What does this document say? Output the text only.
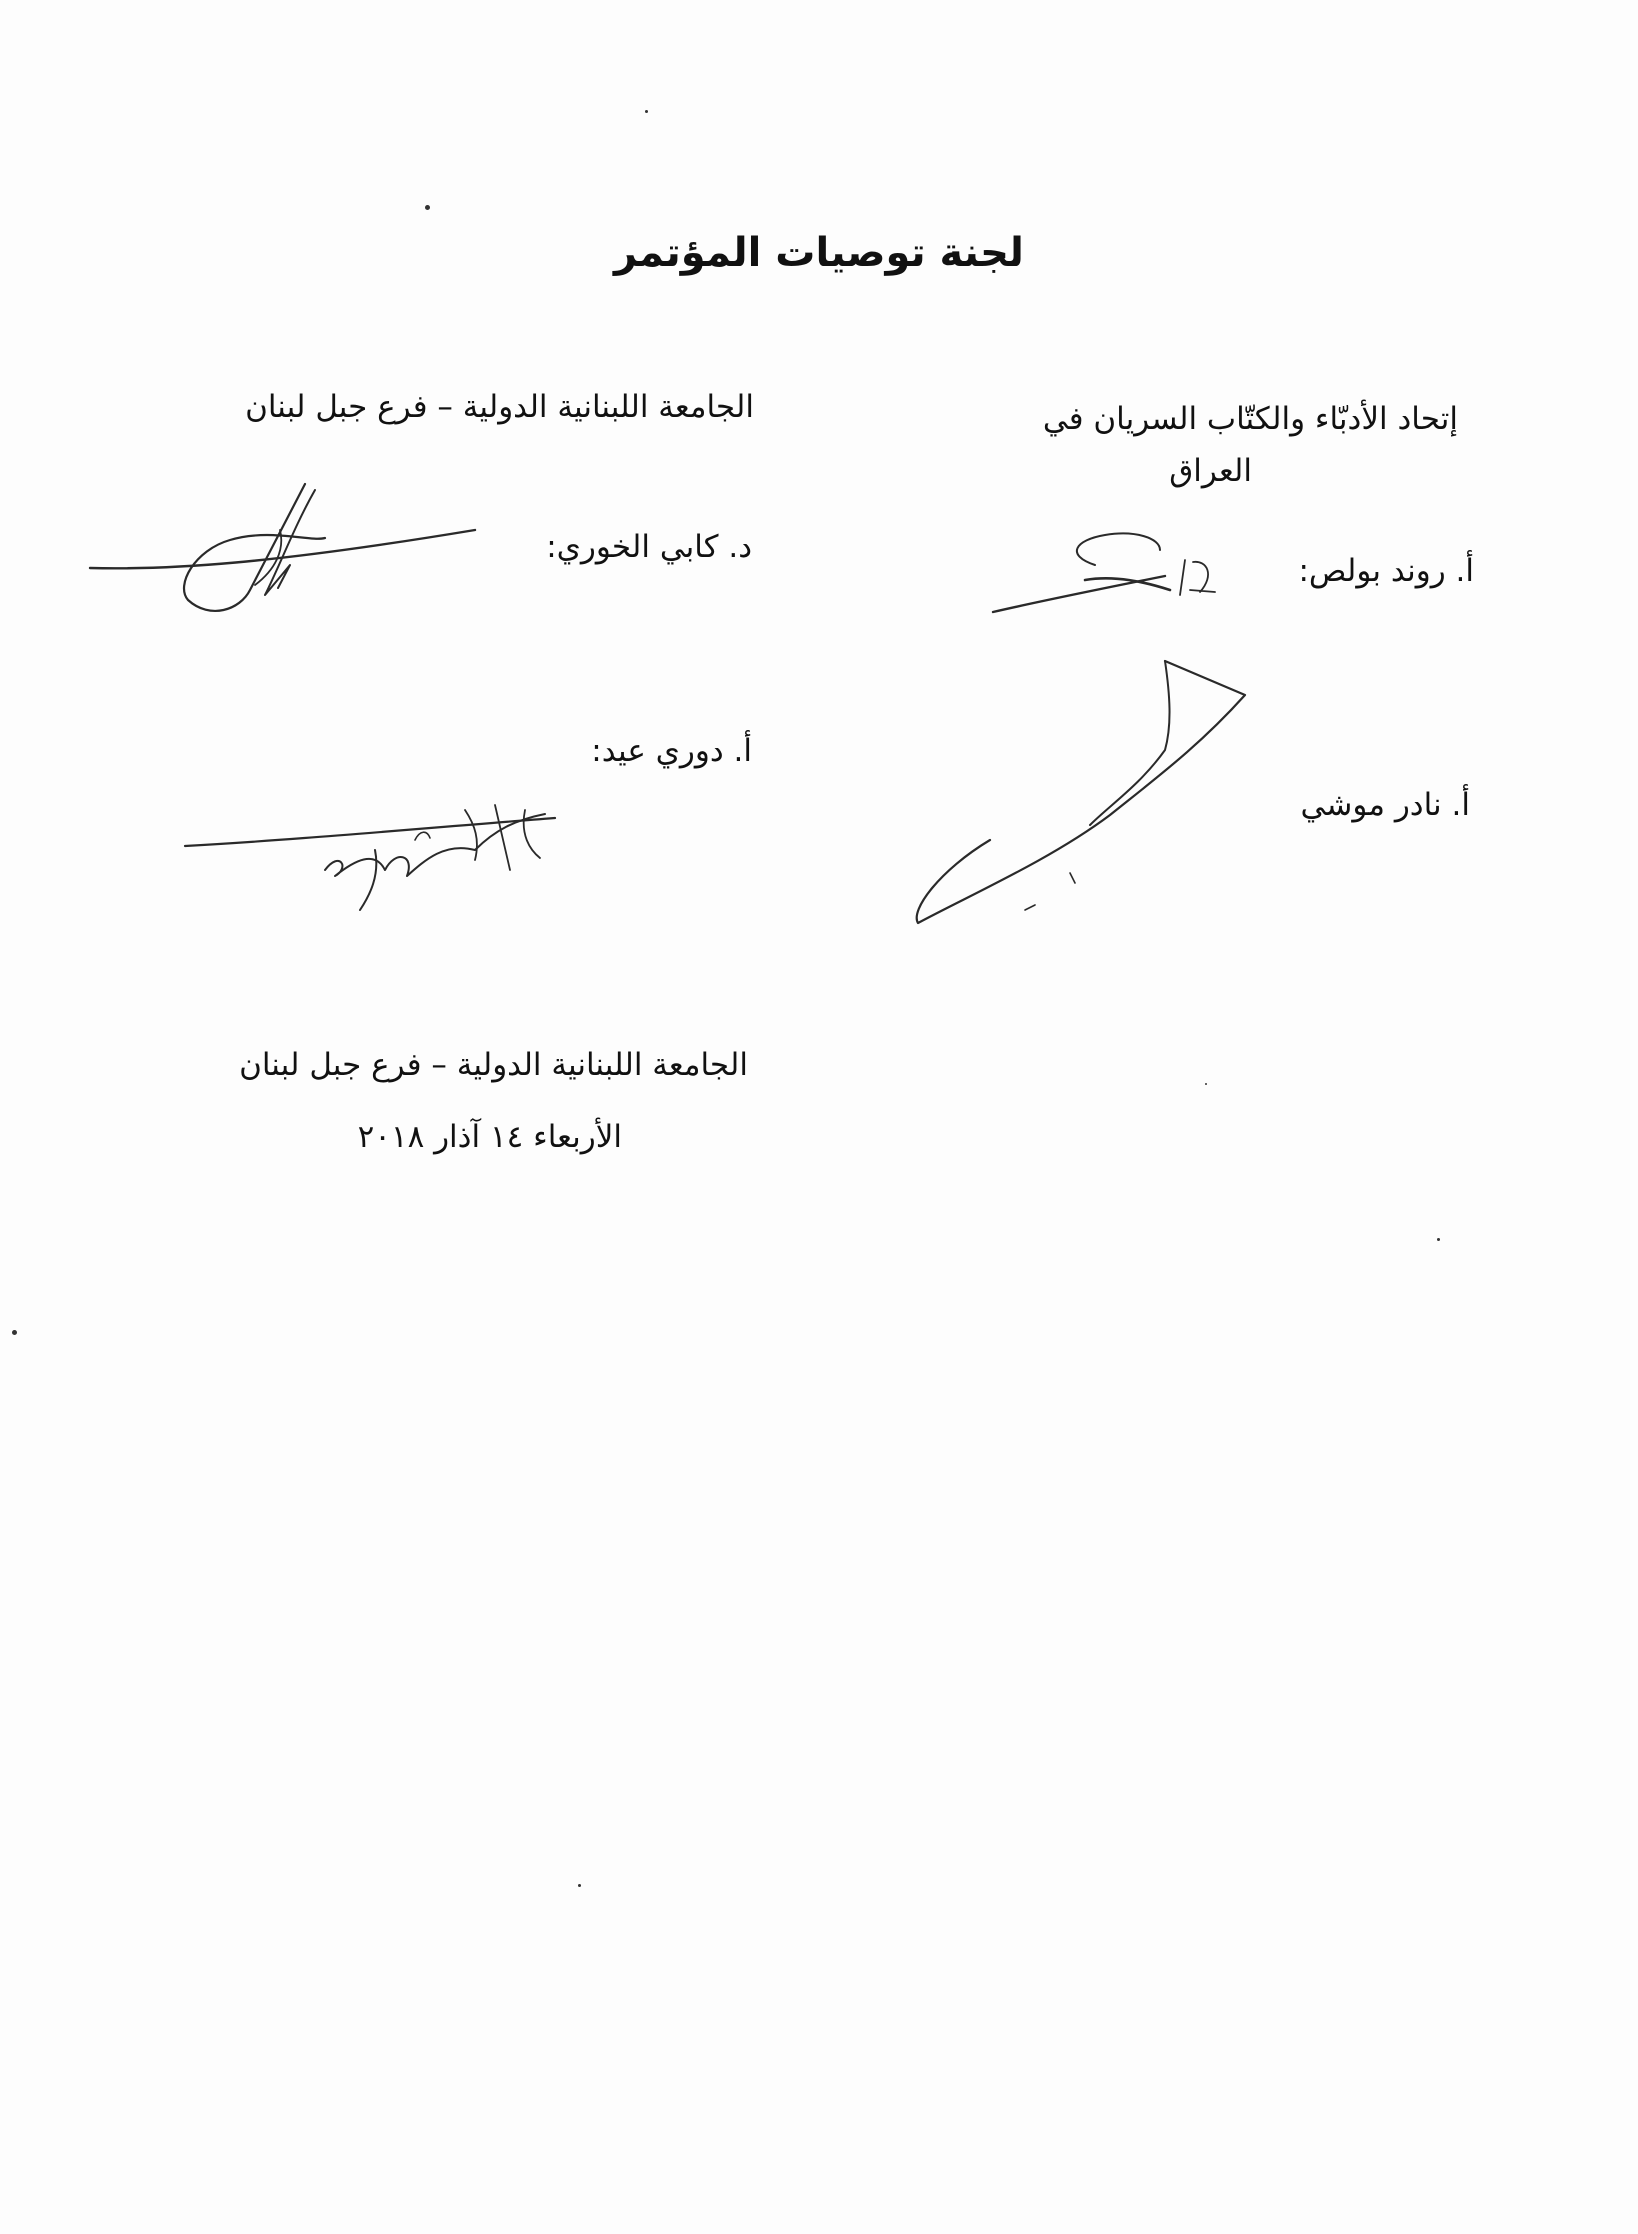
لجنة توصيات المؤتمر
الجامعة اللبنانية الدولية – فرع جبل لبنان
د. كابي الخوري:
أ. دوري عيد:
إتحاد الأدبّاء والكتّاب السريان في
العراق
أ. روند بولص:
أ. نادر موشي
الجامعة اللبنانية الدولية – فرع جبل لبنان
الأربعاء ١٤ آذار ٢٠١٨
